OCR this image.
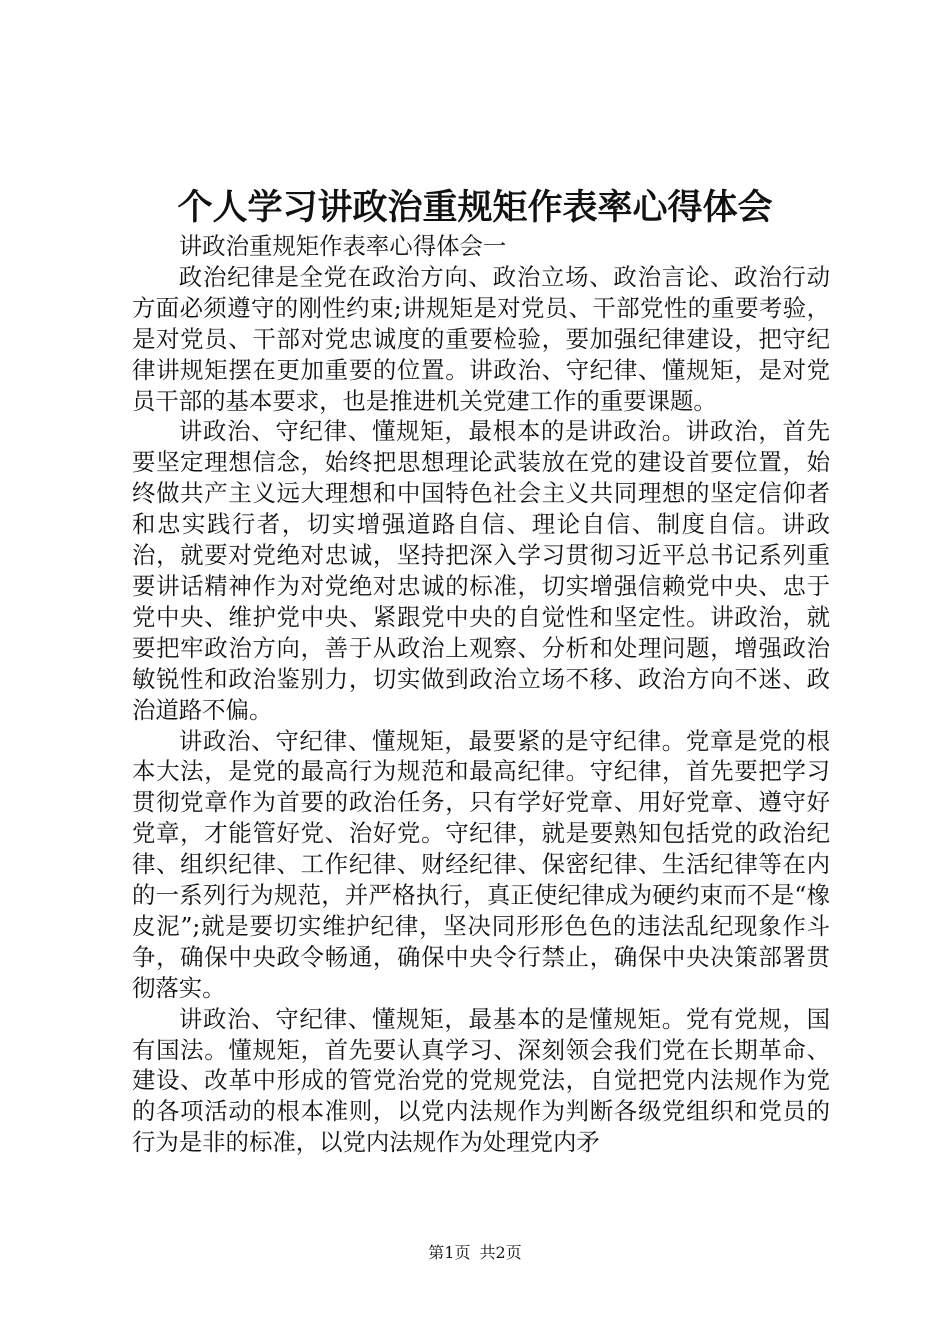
个人学习讲政治重规矩作表率心得体会

讲政治重规矩作表率心得体会一

政治纪律是全党在政治方向、政治立场、政治言论、政治行动方面必须遵守的刚性约束;讲规矩是对党员、干部党性的重要考验，是对党员、干部对党忠诚度的重要检验，要加强纪律建设，把守纪律讲规矩摆在更加重要的位置。讲政治、守纪律、懂规矩，是对党员干部的基本要求，也是推进机关党建工作的重要课题。

讲政治、守纪律、懂规矩，最根本的是讲政治。讲政治，首先要坚定理想信念，始终把思想理论武装放在党的建设首要位置，始终做共产主义远大理想和中国特色社会主义共同理想的坚定信仰者和忠实践行者，切实增强道路自信、理论自信、制度自信。讲政治，就要对党绝对忠诚，坚持把深入学习贯彻习近平总书记系列重要讲话精神作为对党绝对忠诚的标准，切实增强信赖党中央、忠于党中央、维护党中央、紧跟党中央的自觉性和坚定性。讲政治，就要把牢政治方向，善于从政治上观察、分析和处理问题，增强政治敏锐性和政治鉴别力，切实做到政治立场不移、政治方向不迷、政治道路不偏。

讲政治、守纪律、懂规矩，最要紧的是守纪律。党章是党的根本大法，是党的最高行为规范和最高纪律。守纪律，首先要把学习贯彻党章作为首要的政治任务，只有学好党章、用好党章、遵守好党章，才能管好党、治好党。守纪律，就是要熟知包括党的政治纪律、组织纪律、工作纪律、财经纪律、保密纪律、生活纪律等在内的一系列行为规范，并严格执行，真正使纪律成为硬约束而不是“橡皮泥”;就是要切实维护纪律，坚决同形形色色的违法乱纪现象作斗争，确保中央政令畅通，确保中央令行禁止，确保中央决策部署贯彻落实。

讲政治、守纪律、懂规矩，最基本的是懂规矩。党有党规，国有国法。懂规矩，首先要认真学习、深刻领会我们党在长期革命、建设、改革中形成的管党治党的党规党法，自觉把党内法规作为党的各项活动的根本准则，以党内法规作为判断各级党组织和党员的行为是非的标准，以党内法规作为处理党内矛

第1页 共2页
